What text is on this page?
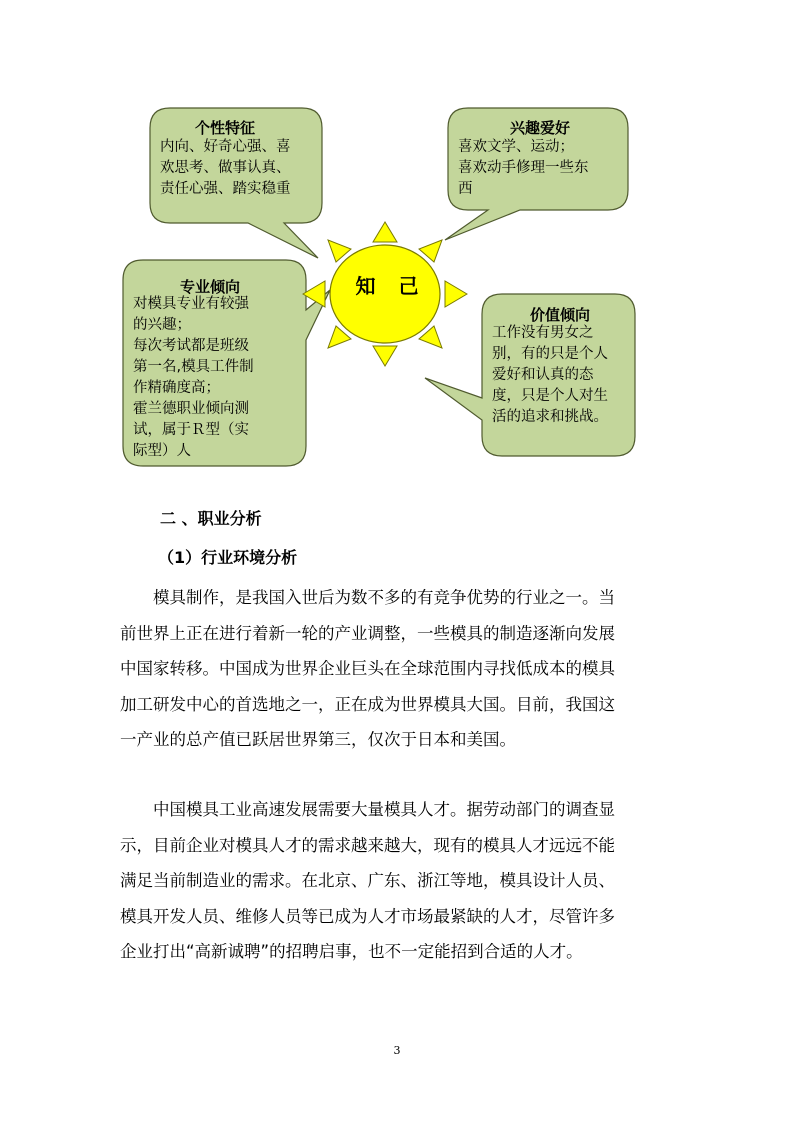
知 己
个性特征
内向、好奇心强、喜
欢思考、做事认真、
责任心强、踏实稳重
兴趣爱好
喜欢文学、运动；
喜欢动手修理一些东
西
专业倾向
对模具专业有较强
的兴趣；
每次考试都是班级
第一名,模具工件制
作精确度高；
霍兰德职业倾向测
试，属于Ｒ型（实
际型）人
价值倾向
工作没有男女之
别，有的只是个人
爱好和认真的态
度，只是个人对生
活的追求和挑战。
二 、职业分析
（1）行业环境分析
　　模具制作，是我国入世后为数不多的有竞争优势的行业之一。当
前世界上正在进行着新一轮的产业调整，一些模具的制造逐渐向发展
中国家转移。中国成为世界企业巨头在全球范围内寻找低成本的模具
加工研发中心的首选地之一，正在成为世界模具大国。目前，我国这
一产业的总产值已跃居世界第三，仅次于日本和美国。
　　中国模具工业高速发展需要大量模具人才。据劳动部门的调查显
示，目前企业对模具人才的需求越来越大，现有的模具人才远远不能
满足当前制造业的需求。在北京、广东、浙江等地，模具设计人员、
模具开发人员、维修人员等已成为人才市场最紧缺的人才，尽管许多
企业打出“高新诚聘”的招聘启事，也不一定能招到合适的人才。
3
